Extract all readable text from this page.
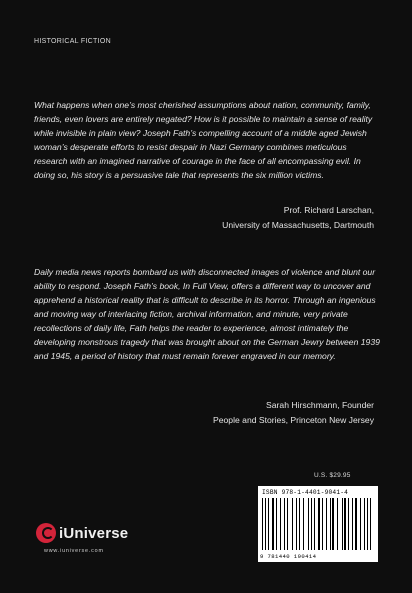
HISTORICAL FICTION

What happens when one’s most cherished assumptions about nation, community, family, friends, even lovers are entirely negated? How is it possible to maintain a sense of reality while invisible in plain view? Joseph Fath’s compelling account of a middle aged Jewish woman’s desperate efforts to resist despair in Nazi Germany combines meticulous research with an imagined narrative of courage in the face of all encompassing evil. In doing so, his story is a persuasive tale that represents the six million victims.

Prof. Richard Larschan,
University of Massachusetts, Dartmouth

Daily media news reports bombard us with disconnected images of violence and blunt our ability to respond. Joseph Fath’s book, In Full View, offers a different way to uncover and apprehend a historical reality that is difficult to describe in its horror. Through an ingenious and moving way of interlacing fiction, archival information, and minute, very private recollections of daily life, Fath helps the reader to experience, almost intimately the developing monstrous tragedy that was brought about on the German Jewry between 1939 and 1945, a period of history that must remain forever engraved in our memory.

Sarah Hirschmann, Founder
People and Stories, Princeton New Jersey
U.S. $29.95
ISBN 978-1-4401-9041-4
9 781440 190414
iUniverse
www.iuniverse.com
